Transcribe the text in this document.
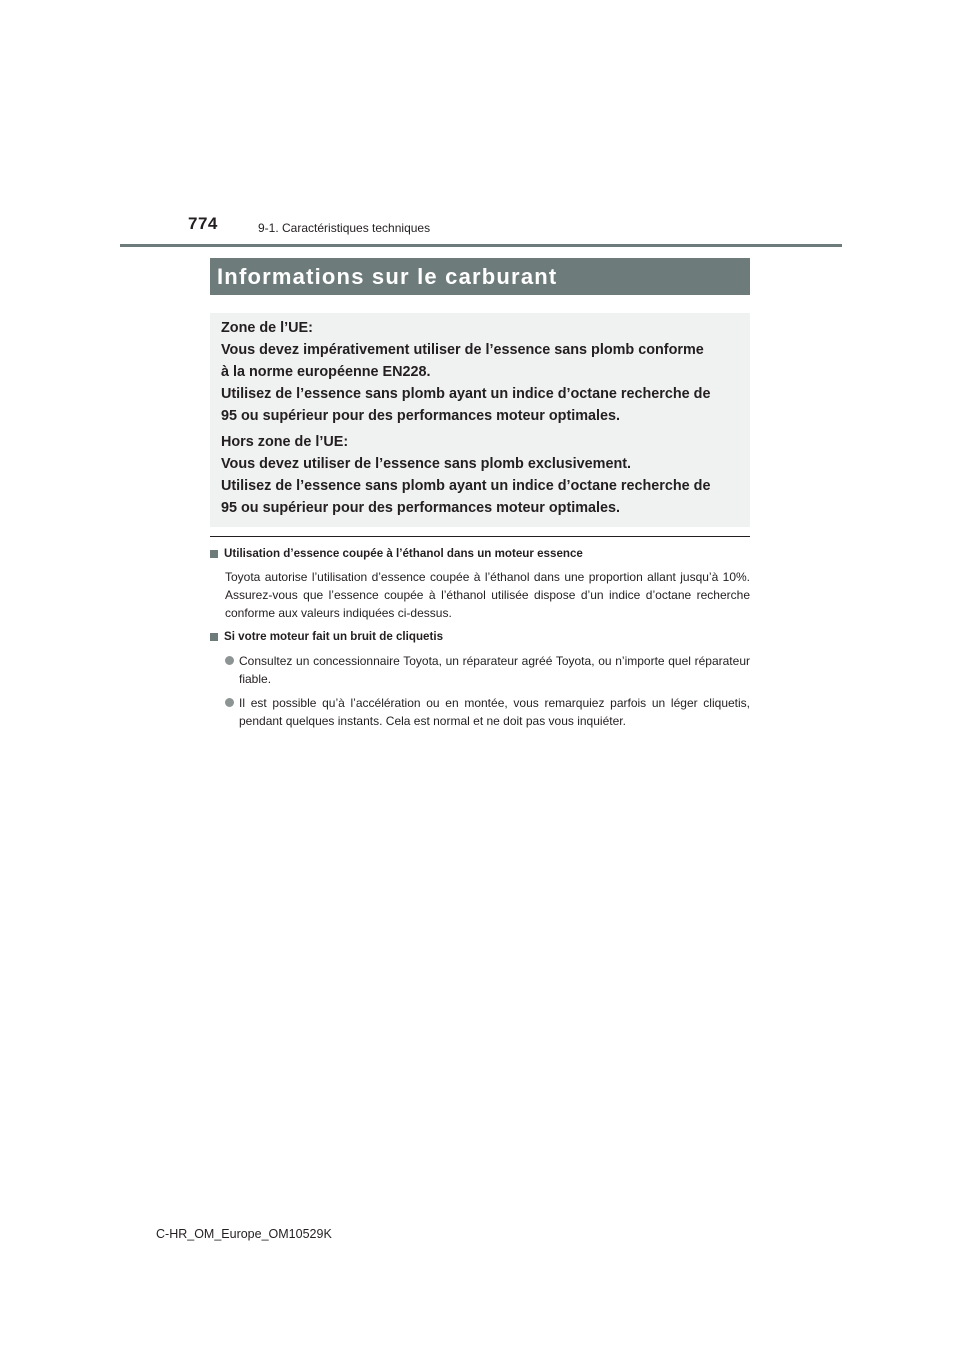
774	9-1. Caractéristiques techniques
Informations sur le carburant
Zone de l’UE:
Vous devez impérativement utiliser de l’essence sans plomb conforme
à la norme européenne EN228.
Utilisez de l’essence sans plomb ayant un indice d’octane recherche de
95 ou supérieur pour des performances moteur optimales.
Hors zone de l’UE:
Vous devez utiliser de l’essence sans plomb exclusivement.
Utilisez de l’essence sans plomb ayant un indice d’octane recherche de
95 ou supérieur pour des performances moteur optimales.
Utilisation d’essence coupée à l’éthanol dans un moteur essence

Toyota autorise l’utilisation d’essence coupée à l’éthanol dans une proportion allant jusqu’à 10%. Assurez-vous que l’essence coupée à l’éthanol utilisée dispose d’un indice d’octane recherche conforme aux valeurs indiquées ci-dessus.

Si votre moteur fait un bruit de cliquetis
Consultez un concessionnaire Toyota, un réparateur agréé Toyota, ou n’importe quel réparateur fiable.
Il est possible qu’à l’accélération ou en montée, vous remarquiez parfois un léger cliquetis, pendant quelques instants. Cela est normal et ne doit pas vous inquiéter.
C-HR_OM_Europe_OM10529K
